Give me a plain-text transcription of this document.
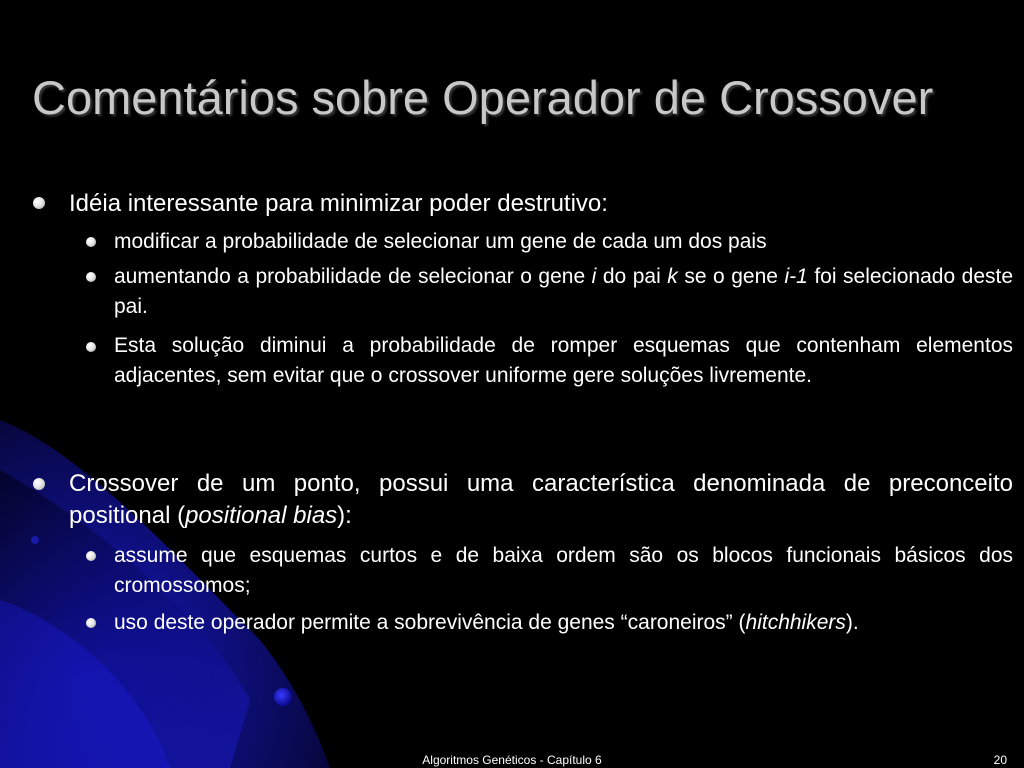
Comentários sobre Operador de Crossover
Idéia interessante para minimizar poder destrutivo:
modificar a probabilidade de selecionar um gene de cada um dos pais
aumentando a probabilidade de selecionar o gene i do pai k se o gene i-1 foi selecionado deste pai.
Esta solução diminui a probabilidade de romper esquemas que contenham elementos adjacentes, sem evitar que o crossover uniforme gere soluções livremente.
Crossover de um ponto, possui uma característica denominada de preconceito positional (positional bias):
assume que esquemas curtos e de baixa ordem são os blocos funcionais básicos dos cromossomos;
uso deste operador permite a sobrevivência de genes “caroneiros” (hitchhikers).
Algoritmos Genéticos - Capítulo 6	20
